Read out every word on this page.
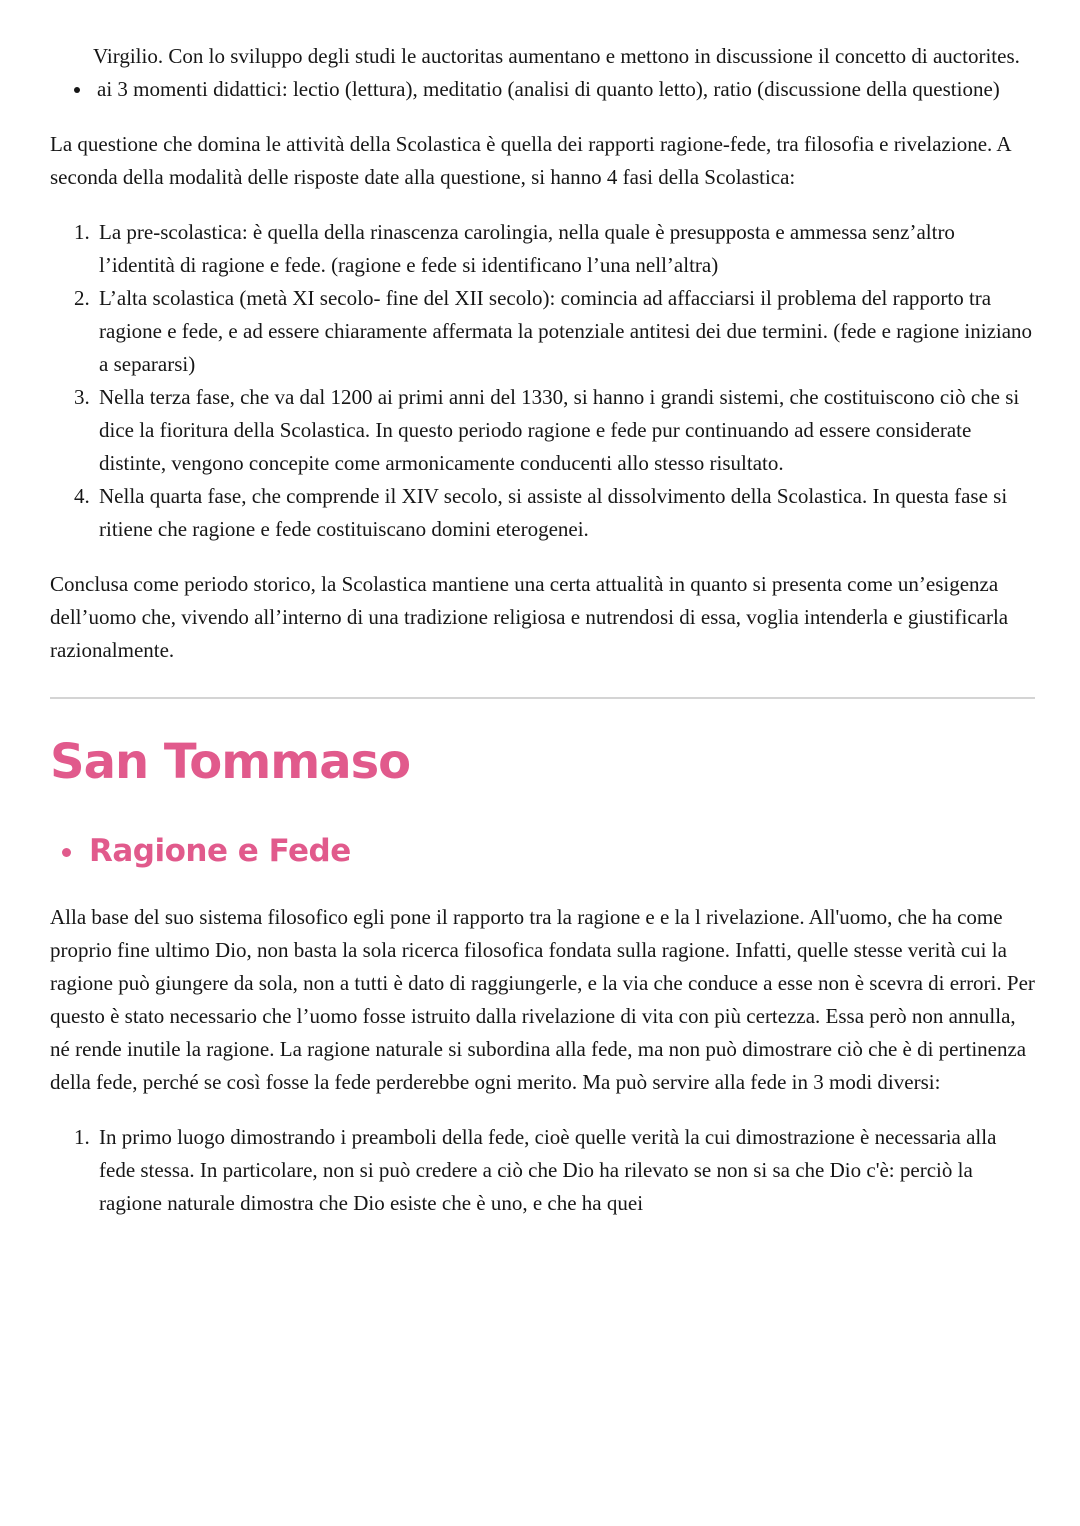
Virgilio. Con lo sviluppo degli studi le auctoritas aumentano e mettono in discussione il concetto di auctorites.
• ai 3 momenti didattici: lectio (lettura), meditatio (analisi di quanto letto), ratio (discussione della questione)

La questione che domina le attività della Scolastica è quella dei rapporti ragione-fede, tra filosofia e rivelazione. A seconda della modalità delle risposte date alla questione, si hanno 4 fasi della Scolastica:

1. La pre-scolastica: è quella della rinascenza carolingia, nella quale è presupposta e ammessa senz’altro l’identità di ragione e fede. (ragione e fede si identificano l’una nell’altra)
2. L’alta scolastica (metà XI secolo- fine del XII secolo): comincia ad affacciarsi il problema del rapporto tra ragione e fede, e ad essere chiaramente affermata la potenziale antitesi dei due termini. (fede e ragione iniziano a separarsi)
3. Nella terza fase, che va dal 1200 ai primi anni del 1330, si hanno i grandi sistemi, che costituiscono ciò che si dice la fioritura della Scolastica. In questo periodo ragione e fede pur continuando ad essere considerate distinte, vengono concepite come armonicamente conducenti allo stesso risultato.
4. Nella quarta fase, che comprende il XIV secolo, si assiste al dissolvimento della Scolastica. In questa fase si ritiene che ragione e fede costituiscano domini eterogenei.

Conclusa come periodo storico, la Scolastica mantiene una certa attualità in quanto si presenta come un’esigenza dell’uomo che, vivendo all’interno di una tradizione religiosa e nutrendosi di essa, voglia intenderla e giustificarla razionalmente.

San Tommaso
Ragione e Fede

Alla base del suo sistema filosofico egli pone il rapporto tra la ragione e e la l rivelazione. All'uomo, che ha come proprio fine ultimo Dio, non basta la sola ricerca filosofica fondata sulla ragione. Infatti, quelle stesse verità cui la ragione può giungere da sola, non a tutti è dato di raggiungerle, e la via che conduce a esse non è scevra di errori. Per questo è stato necessario che l’uomo fosse istruito dalla rivelazione di vita con più certezza. Essa però non annulla, né rende inutile la ragione. La ragione naturale si subordina alla fede, ma non può dimostrare ciò che è di pertinenza della fede, perché se così fosse la fede perderebbe ogni merito. Ma può servire alla fede in 3 modi diversi:

1. In primo luogo dimostrando i preamboli della fede, cioè quelle verità la cui dimostrazione è necessaria alla fede stessa. In particolare, non si può credere a ciò che Dio ha rilevato se non si sa che Dio c'è: perciò la ragione naturale dimostra che Dio esiste che è uno, e che ha quei
